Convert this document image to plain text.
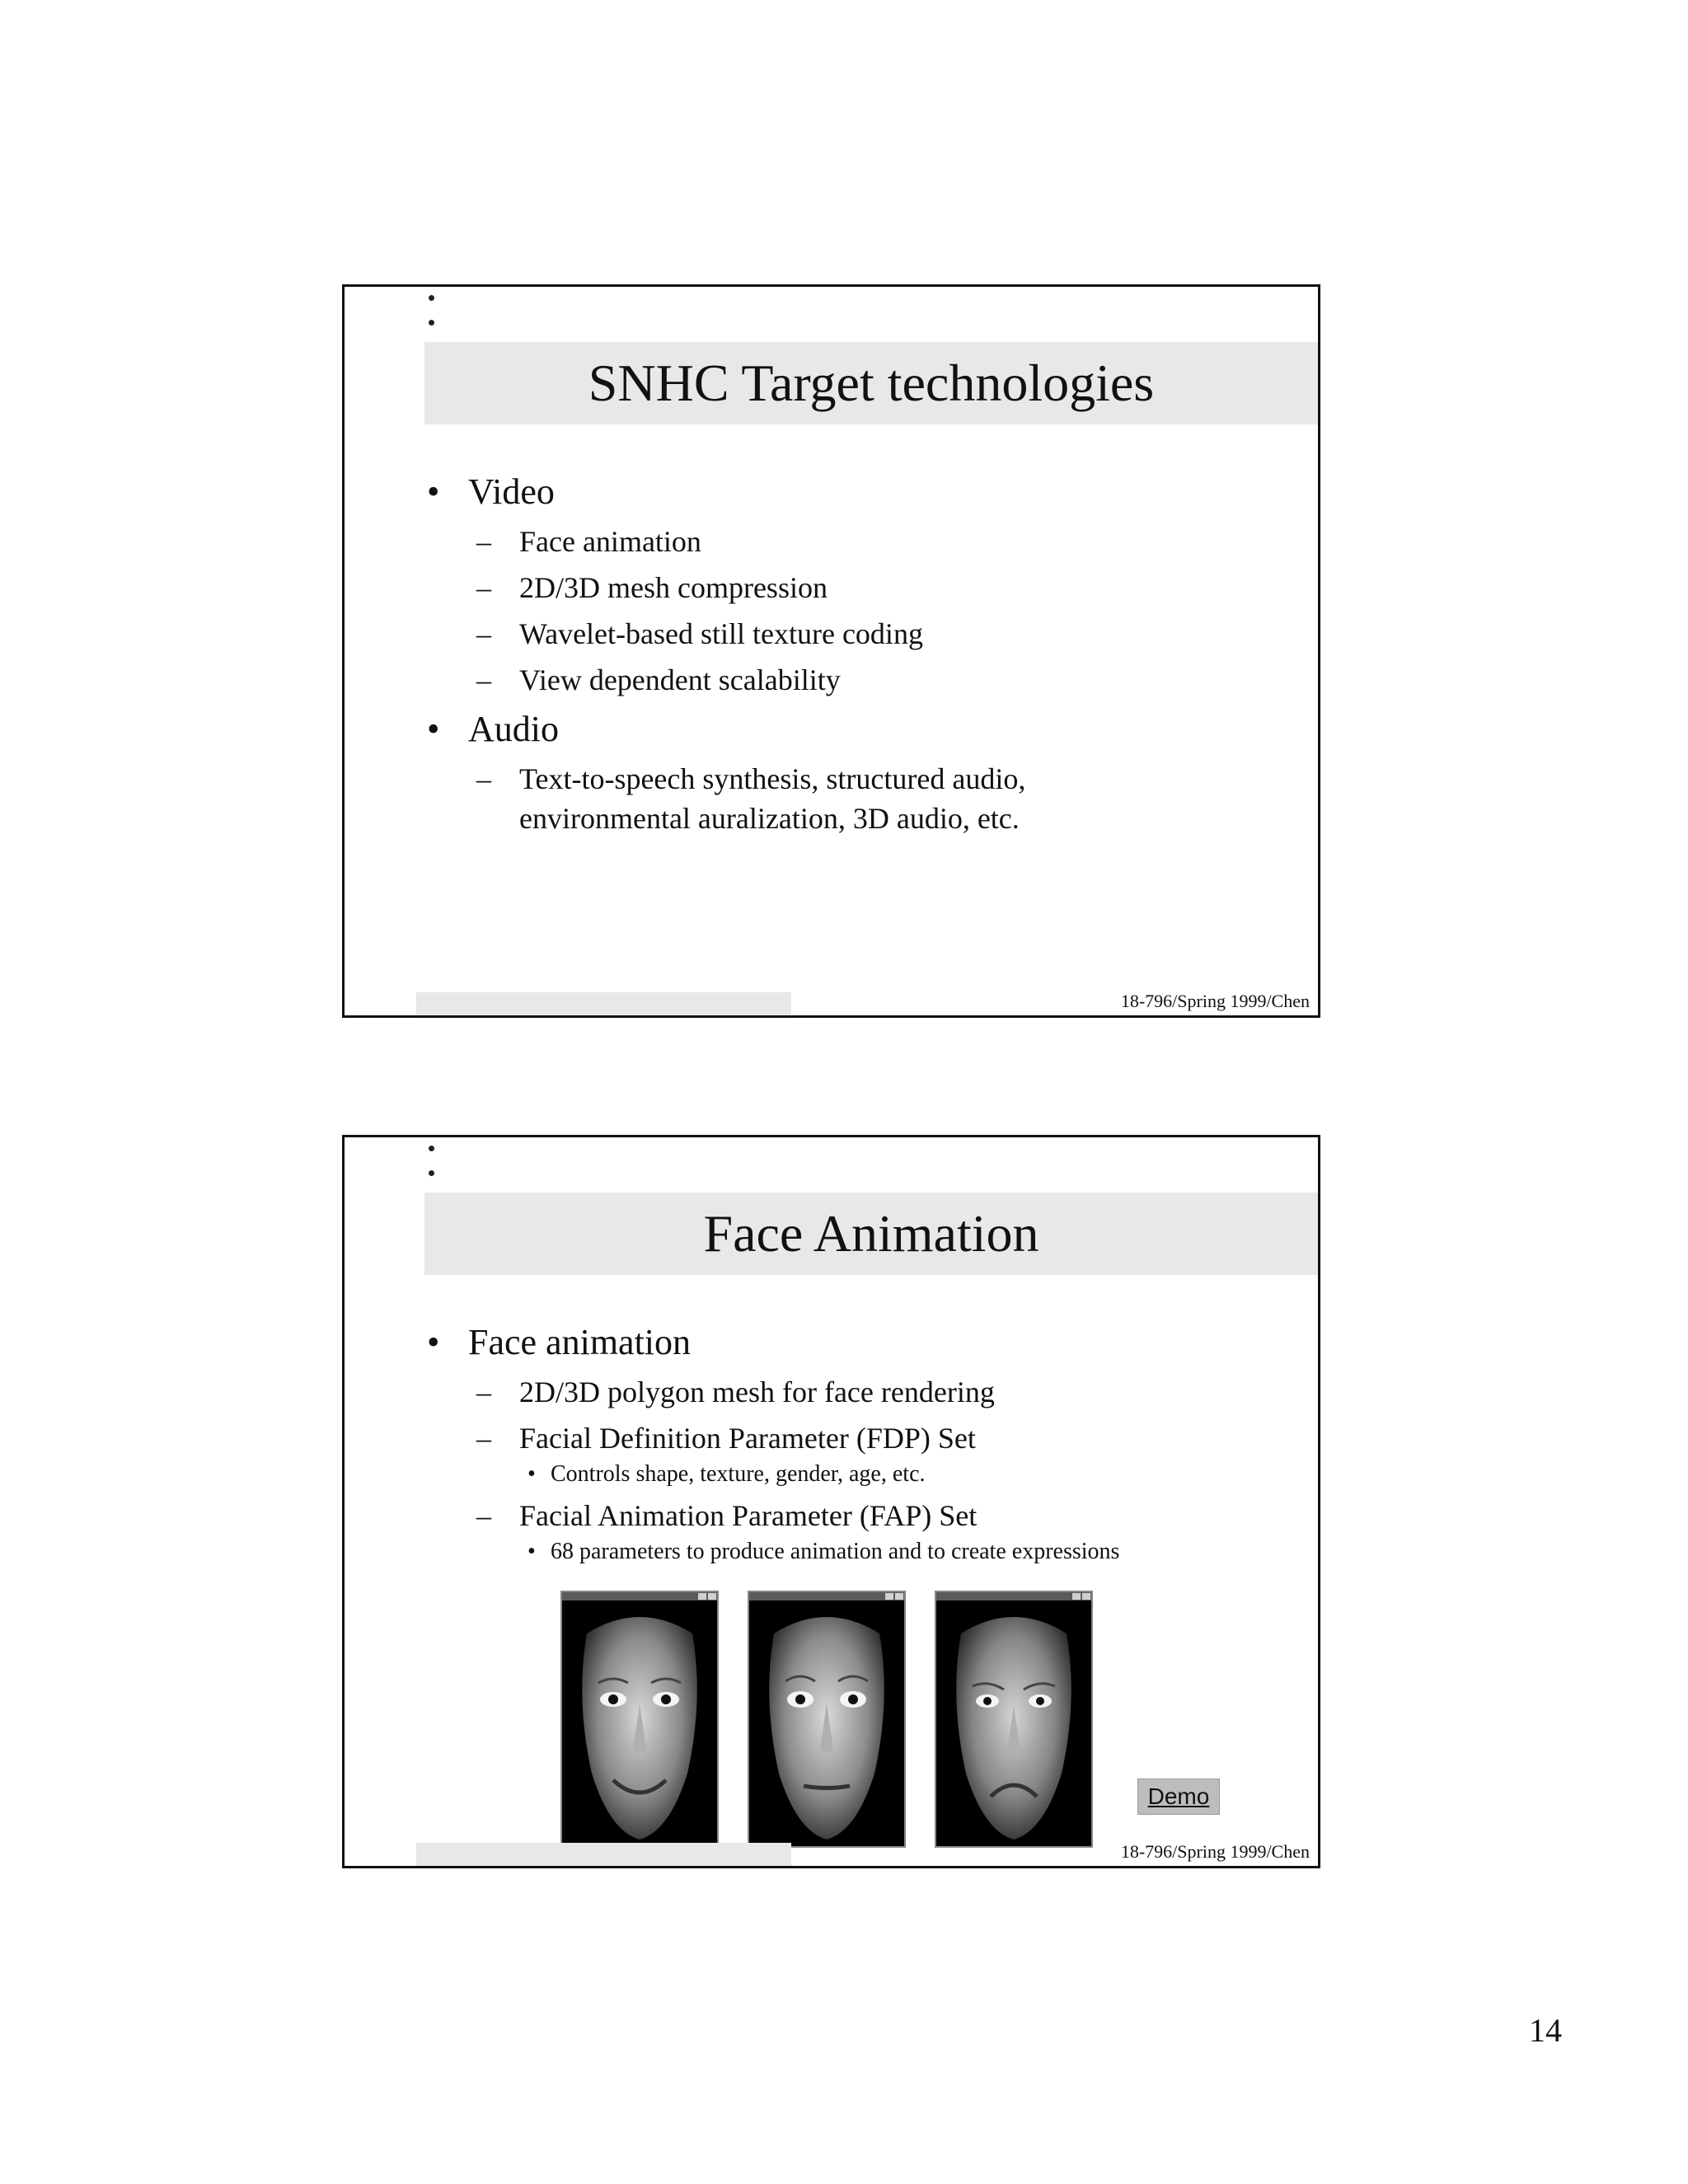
SNHC Target technologies
• Video
– Face animation
– 2D/3D mesh compression
– Wavelet-based still texture coding
– View dependent scalability
• Audio
– Text-to-speech synthesis, structured audio, environmental auralization, 3D audio, etc.
18-796/Spring 1999/Chen
Face Animation
• Face animation
– 2D/3D polygon mesh for face rendering
– Facial Definition Parameter (FDP) Set
• Controls shape, texture, gender, age, etc.
– Facial Animation Parameter (FAP) Set
• 68 parameters to produce animation and to create expressions
Demo
18-796/Spring 1999/Chen
14
